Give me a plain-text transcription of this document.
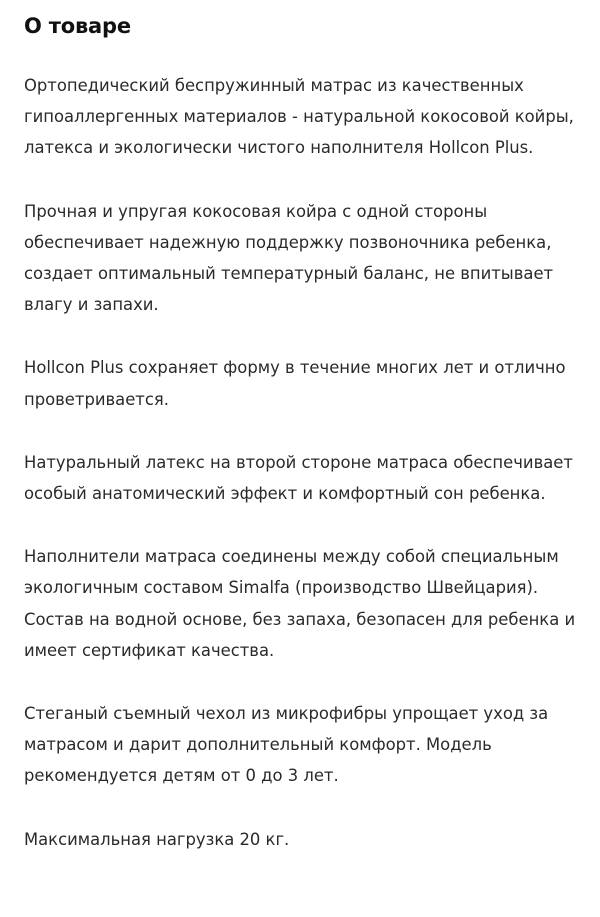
О товаре

Ортопедический беспружинный матрас из качественных гипоаллергенных материалов - натуральной кокосовой койры, латекса и экологически чистого наполнителя Hollcon Plus.

Прочная и упругая кокосовая койра с одной стороны обеспечивает надежную поддержку позвоночника ребенка, создает оптимальный температурный баланс, не впитывает влагу и запахи.

Hollcon Plus сохраняет форму в течение многих лет и отлично проветривается.

Натуральный латекс на второй стороне матраса обеспечивает особый анатомический эффект и комфортный сон ребенка.

Наполнители матраса соединены между собой специальным экологичным составом Simalfa (производство Швейцария). Состав на водной основе, без запаха, безопасен для ребенка и имеет сертификат качества.

Стеганый съемный чехол из микрофибры упрощает уход за матрасом и дарит дополнительный комфорт. Модель рекомендуется детям от 0 до 3 лет.

Максимальная нагрузка 20 кг.
